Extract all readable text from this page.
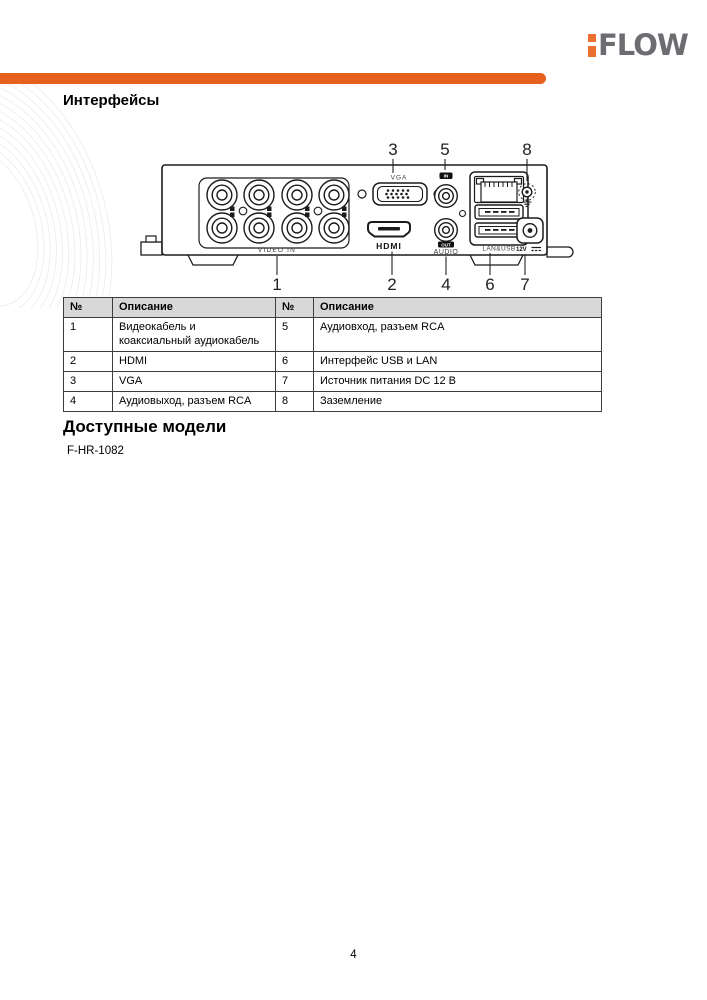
FLOW
Интерфейсы
VIDEO IN
VGA
HDMI
IN
OUT
AUDIO	LAN&USB 12V
3	5	8
1	2	4 6 7
№	Описание	№	Описание
1	Видеокабель и коаксиальный аудиокабель	5	Аудиовход, разъем RCA
2	HDMI	6	Интерфейс USB и LAN
3	VGA	7	Источник питания DC 12 В
4	Аудиовыход, разъем RCA	8	Заземление
Доступные модели
F-HR-1082
4
